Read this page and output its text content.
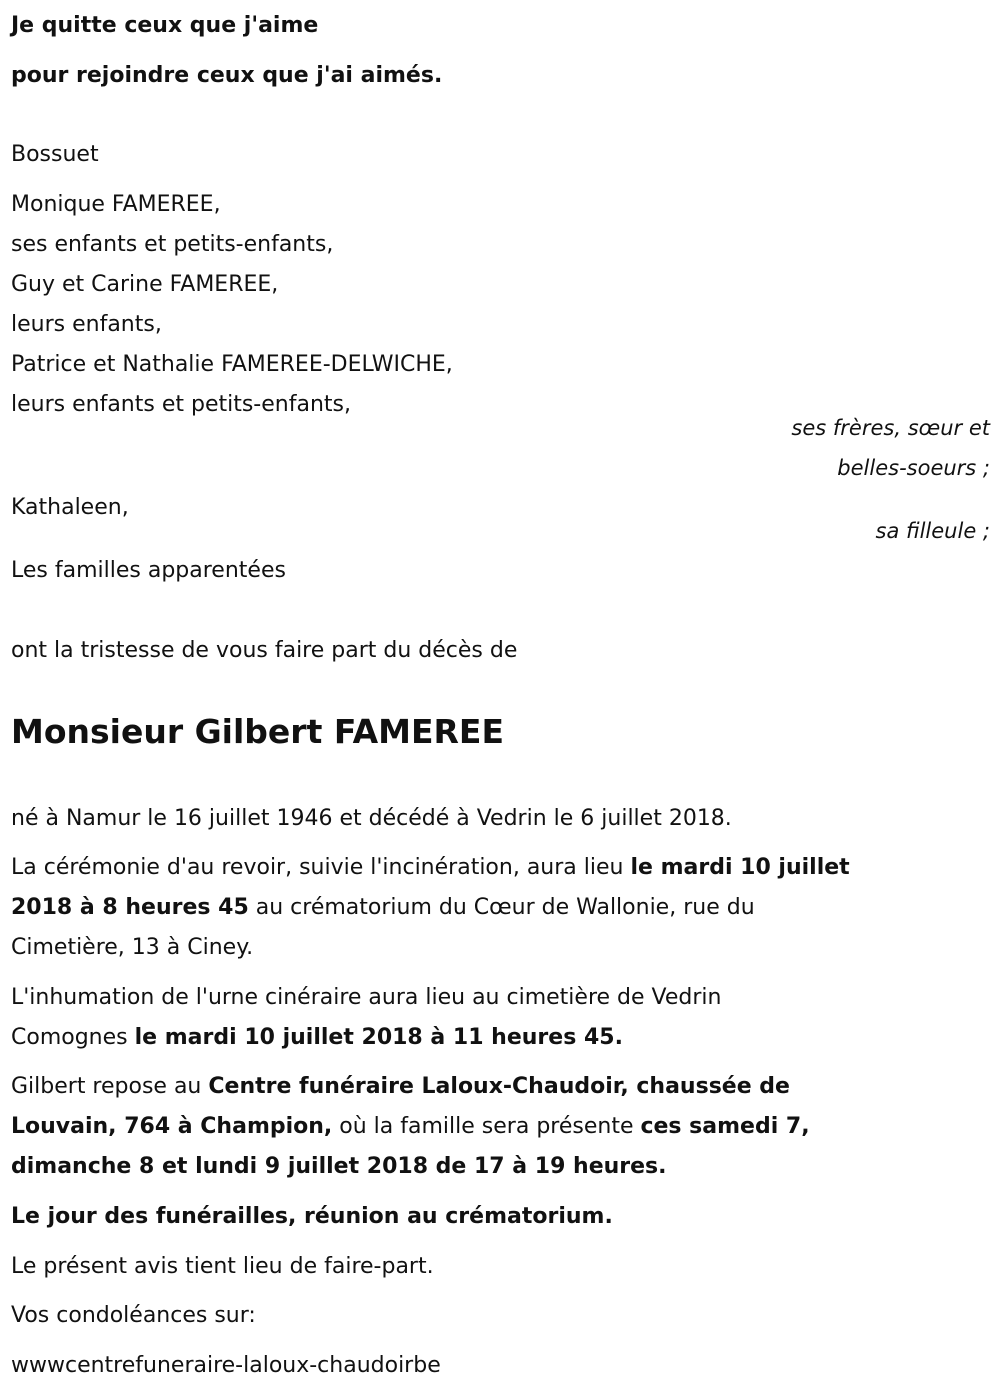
Je quitte ceux que j'aime
pour rejoindre ceux que j'ai aimés.
Bossuet
Monique FAMEREE,
ses enfants et petits-enfants,
Guy et Carine FAMEREE,
leurs enfants,
Patrice et Nathalie FAMEREE-DELWICHE,
leurs enfants et petits-enfants,
ses frères, sœur et
belles-soeurs ;
Kathaleen,
sa filleule ;
Les familles apparentées
ont la tristesse de vous faire part du décès de
Monsieur Gilbert FAMEREE
né à Namur le 16 juillet 1946 et décédé à Vedrin le 6 juillet 2018.
La cérémonie d'au revoir, suivie l'incinération, aura lieu le mardi 10 juillet
2018 à 8 heures 45 au crématorium du Cœur de Wallonie, rue du
Cimetière, 13 à Ciney.
L'inhumation de l'urne cinéraire aura lieu au cimetière de Vedrin
Comognes le mardi 10 juillet 2018 à 11 heures 45.
Gilbert repose au Centre funéraire Laloux-Chaudoir, chaussée de
Louvain, 764 à Champion, où la famille sera présente ces samedi 7,
dimanche 8 et lundi 9 juillet 2018 de 17 à 19 heures.
Le jour des funérailles, réunion au crématorium.
Le présent avis tient lieu de faire-part.
Vos condoléances sur:
wwwcentrefuneraire-laloux-chaudoirbe
